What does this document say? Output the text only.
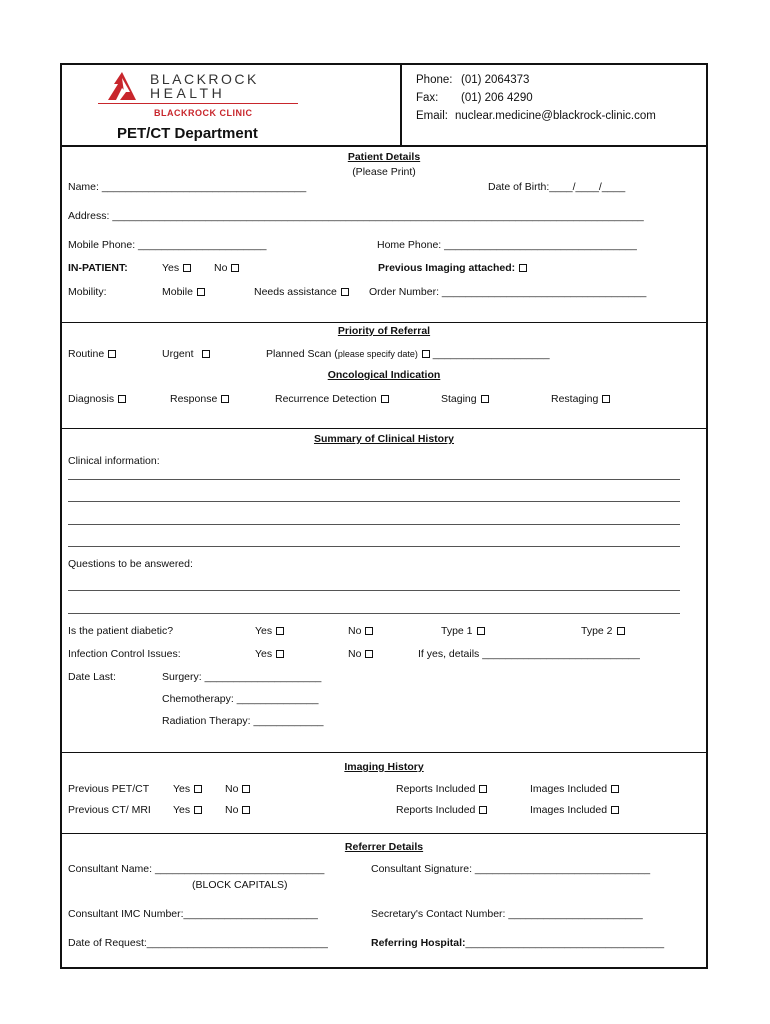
BLACKROCK
HEALTH
BLACKROCK CLINIC
PET/CT Department
Phone: (01) 2064373
Fax: (01) 206 4290
Email: nuclear.medicine@blackrock-clinic.com
Patient Details
(Please Print)
Name: ___________________________________	Date of Birth:____/____/____
Address: ___________________________________________________________________________________________
Mobile Phone: ______________________	Home Phone: _________________________________
IN-PATIENT:	Yes	No	Previous Imaging attached:
Mobility:	Mobile	Needs assistance	Order Number: ___________________________________
Priority of Referral
Routine	Urgent	Planned Scan (please specify date) ____________________
Oncological Indication
Diagnosis	Response	Recurrence Detection	Staging	Restaging
Summary of Clinical History
Clinical information:
Questions to be answered:
Is the patient diabetic?	Yes	No	Type 1	Type 2
Infection Control Issues:	Yes	No	If yes, details ___________________________
Date Last:	Surgery: ____________________
Chemotherapy: ______________
Radiation Therapy: ____________
Imaging History
Previous PET/CT Yes	No	Reports Included	Images Included
Previous CT/ MRI Yes	No	Reports Included	Images Included
Referrer Details
Consultant Name: _____________________________	Consultant Signature: ______________________________
(BLOCK CAPITALS)
Consultant IMC Number:_______________________	Secretary's Contact Number: _______________________
Date of Request:_______________________________	Referring Hospital:__________________________________
